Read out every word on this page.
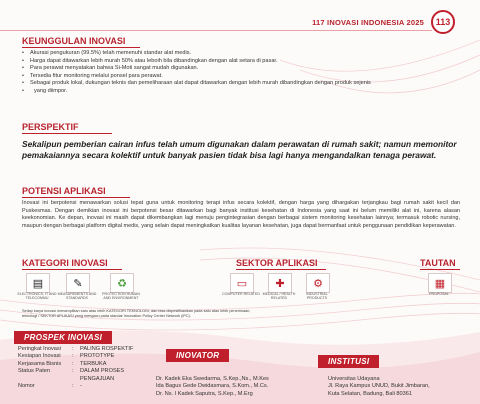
117 INOVASI INDONESIA 2025	113
KEUNGGULAN INOVASI
• Akurasi pengukuran (99.5%) telah memenuhi standar alat medis.
• Harga dapat ditawarkan lebih murah 50% atau leboih bila dibandingkan dengan alat setara di pasar.
• Para perawat menyatakan bahwa Si-Moti sangat mudah digunakan.
• Tersedia fitur monitoring melalui ponsel para perawat.
• Sebagai produk lokal, dukungan teknis dan pemeliharaan alat dapat ditawarkan dengan lebih murah dibandingkan dengan produk sejenis
• yang diimpor.
PERSPEKTIF
Sekalipun pemberian cairan infus telah umum digunakan dalam perawatan di rumah sakit; namun memonitor pemakaiannya secara kolektif untuk banyak pasien tidak bisa lagi hanya mengandalkan tenaga perawat.
POTENSI APLIKASI
Inovasi ini berpotensi menawarkan solusi tepat guna untuk monitoring terapi infus secara kolektif, dengan harga yang dihargakan terjangkau bagi rumah sakit kecil dan Puskesmas. Dengan demikian inovasi ini berpotensi besar ditawarkan bagi banyak institusi kesehatan di Indonesia yang saat ini belum memiliki alat ini, karena alasan keekonomian. Ke depan, inovasi ini masih dapat dikembangkan lagi menuju pengintegrasian dengan berbagai sistem monitoring kesehatan lainnya; termasuk robotic nursing, maupun dengan berbagai platform digital medis, yang selain dapat meningkatkan kualitas layanan kesehatan, juga dapat bermanfaat untuk penggunaan pendidikan keperawatan.
KATEGORI INOVASI
▤
ELECTRONICS, IT AND TELECOMMU
✎
MEASUREMENTS AND STANDARDS
♻
PROTECTION HUMAN AND ENVIRONMENT
SEKTOR APLIKASI
▭
COMPUTER RELATED
✚
MEDICAL / HEALTH RELATED
⚙
INDUSTRIAL PRODUCTS
TAUTAN
▦
PROPOSAL
Setiap karya inovasi menampilkan satu atau lebih KATEGORI TEKNOLOGI, dan bisa dispesifikasikan pada satu atau lebih penerimaan,
teknologi / SEKTOR APLIKASI yang mengacu pada standar Innovation Policy Center Network (IPC).
PROSPEK INOVASI
Peringkat Inovasi	:	PALING ROSPEKTIF
Kesiapan Inovasi	:	PROTOTYPE
Kerjasama Bisnis	:	TERBUKA
Status Paten	:	DALAM PROSES PENGAJUAN
Nomor	:	-
INOVATOR
Dr. Kadek Eka Swedarma, S.Kep.,Ns., M.Kes
Ida Bagus Gede Dwidasmara, S.Kom., M.Cs.
Dr. Ns. I Kadek Saputra, S.Kep., M.Erg
INSTITUSI
Universitas Udayana
Jl. Raya Kampus UNUD, Bukit Jimbaran,
Kuta Selatan, Badung, Bali 80361
